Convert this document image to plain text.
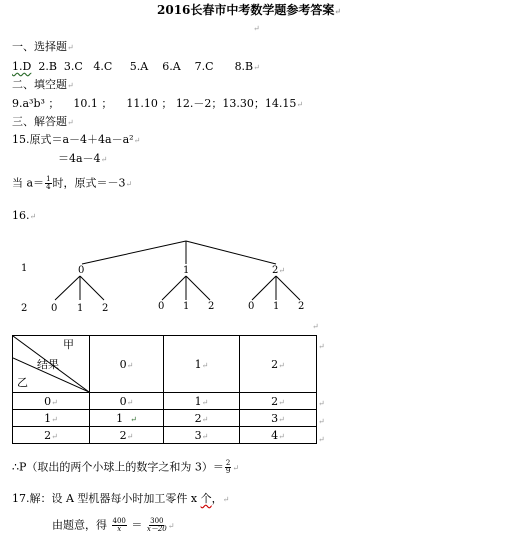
2016长春市中考数学题参考答案↵
↵
一、选择题↵
1.D 2.B 3.C 4.C 5.A 6.A 7.C 8.B↵
二、填空题↵
9.a³b³ ； 10.1 ； 11.10 ； 12.－2；13.30；14.15↵
三、解答题↵
15.原式＝a－4＋4a－a²↵
＝4a－4↵
当 $a= \frac{1}{4}$ 时，原式＝－3↵
16.↵
1
2
0	1	2↵
0 1 2	0 1 2	0 1 2
↵
甲
结果
乙	0↵	1↵	2↵
0↵	0↵	1↵	2↵
1↵	1 ↵	2↵	3↵
2↵	2↵	3↵	4↵
↵
↵
↵
↵
∴P（取出的两个小球上的数字之和为 $3)= \frac{2}{9}$ ↵
17.解：设 A 型机器每小时加工零件 x 个，↵
由题意，得 $\frac{400}{x} = \frac{300}{x-20}$ ↵
